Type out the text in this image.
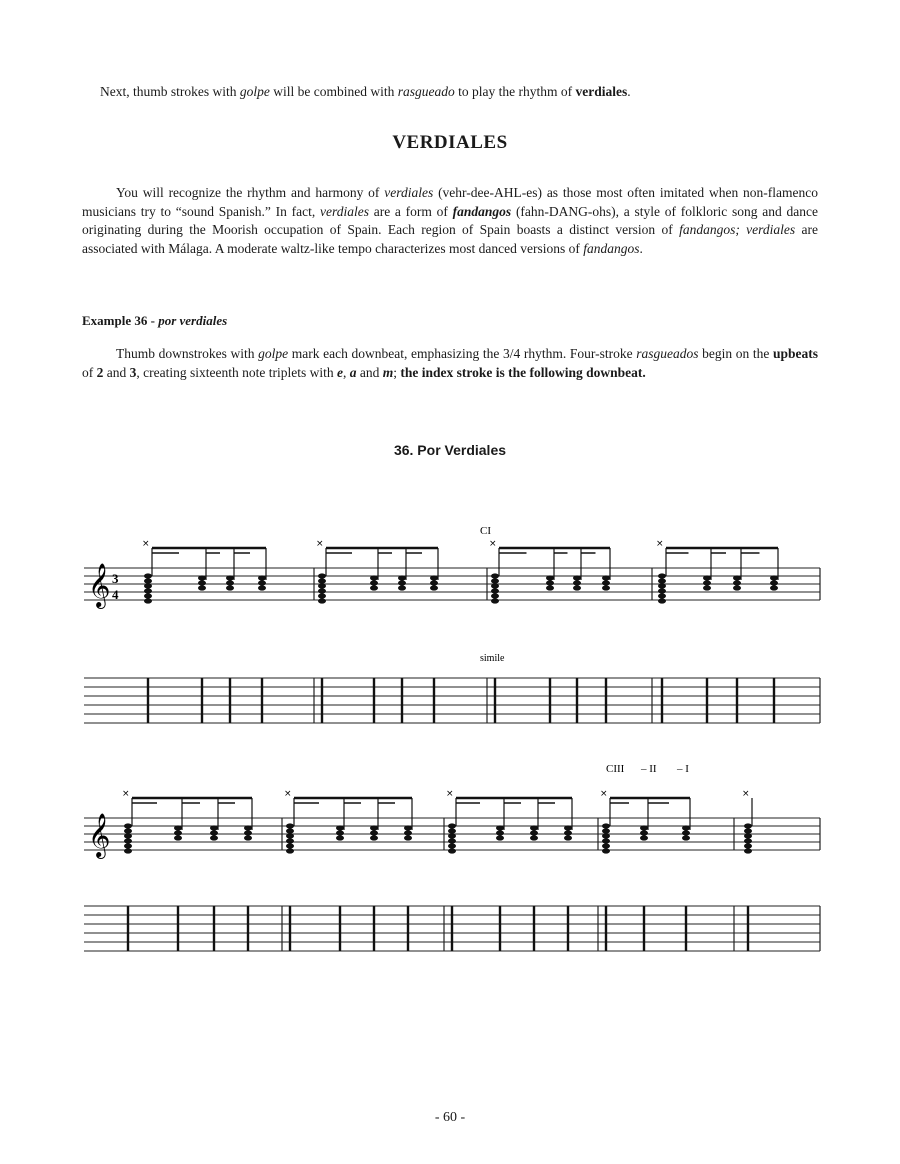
Next, thumb strokes with golpe will be combined with rasgueado to play the rhythm of verdiales.
VERDIALES
You will recognize the rhythm and harmony of verdiales (vehr-dee-AHL-es) as those most often imitated when non-flamenco musicians try to “sound Spanish.” In fact, verdiales are a form of fandangos (fahn-DANG-ohs), a style of folkloric song and dance originating during the Moorish occupation of Spain. Each region of Spain boasts a distinct version of fandangos; verdiales are associated with Málaga. A moderate waltz-like tempo characterizes most danced versions of fandangos.
Example 36 - por verdiales
Thumb downstrokes with golpe mark each downbeat, emphasizing the 3/4 rhythm. Four-stroke rasgueados begin on the upbeats of 2 and 3, creating sixteenth note triplets with e, a and m; the index stroke is the following downbeat.
36. Por Verdiales
CI
simile
𝄞 3
4
×	×	×	×
CIII – II – I
𝄞
×	×	×	×	×
- 60 -
